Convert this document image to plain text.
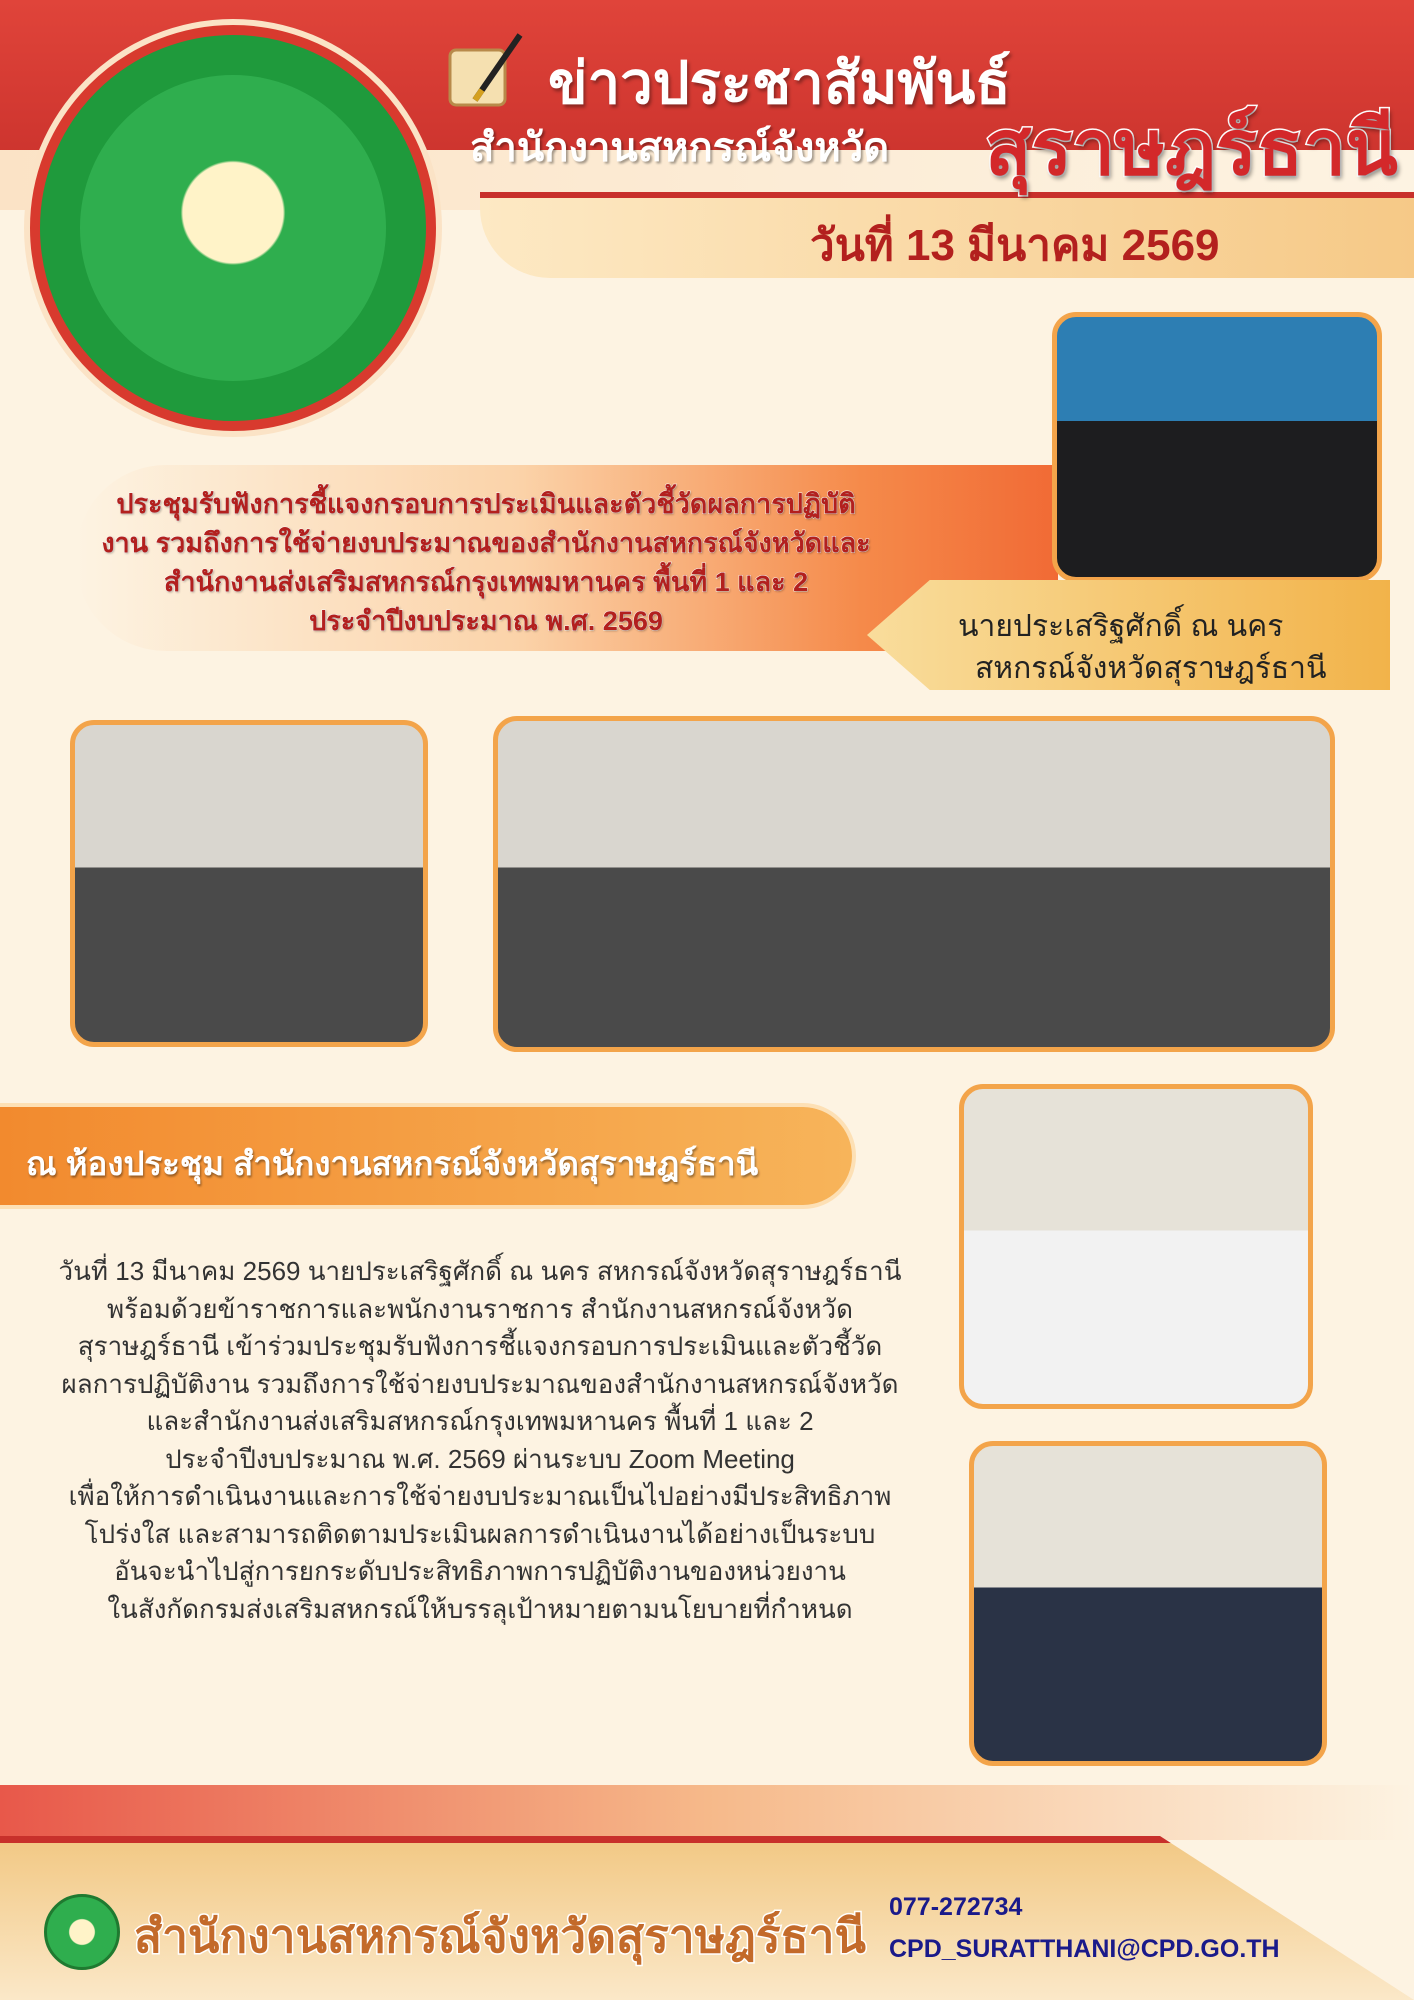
ข่าวประชาสัมพันธ์
สำนักงานสหกรณ์จังหวัด สุราษฎร์ธานี
วันที่ 13 มีนาคม 2569

ประชุมรับฟังการชี้แจงกรอบการประเมินและตัวชี้วัดผลการปฏิบัติ

งาน รวมถึงการใช้จ่ายงบประมาณของสำนักงานสหกรณ์จังหวัดและ

สำนักงานส่งเสริมสหกรณ์กรุงเทพมหานคร พื้นที่ 1 และ 2

ประจำปีงบประมาณ พ.ศ. 2569	นายประเสริฐศักดิ์ ณ นคร
สหกรณ์จังหวัดสุราษฎร์ธานี
ณ ห้องประชุม สำนักงานสหกรณ์จังหวัดสุราษฎร์ธานี
วันที่ 13 มีนาคม 2569 นายประเสริฐศักดิ์ ณ นคร สหกรณ์จังหวัดสุราษฎร์ธานี
พร้อมด้วยข้าราชการและพนักงานราชการ สำนักงานสหกรณ์จังหวัด
สุราษฎร์ธานี เข้าร่วมประชุมรับฟังการชี้แจงกรอบการประเมินและตัวชี้วัด
ผลการปฏิบัติงาน รวมถึงการใช้จ่ายงบประมาณของสำนักงานสหกรณ์จังหวัด
และสำนักงานส่งเสริมสหกรณ์กรุงเทพมหานคร พื้นที่ 1 และ 2
ประจำปีงบประมาณ พ.ศ. 2569 ผ่านระบบ Zoom Meeting
เพื่อให้การดำเนินงานและการใช้จ่ายงบประมาณเป็นไปอย่างมีประสิทธิภาพ
โปร่งใส และสามารถติดตามประเมินผลการดำเนินงานได้อย่างเป็นระบบ
อันจะนำไปสู่การยกระดับประสิทธิภาพการปฏิบัติงานของหน่วยงาน
ในสังกัดกรมส่งเสริมสหกรณ์ให้บรรลุเป้าหมายตามนโยบายที่กำหนด
สำนักงานสหกรณ์จังหวัดสุราษฎร์ธานี
077-272734
CPD_SURATTHANI@CPD.GO.TH
